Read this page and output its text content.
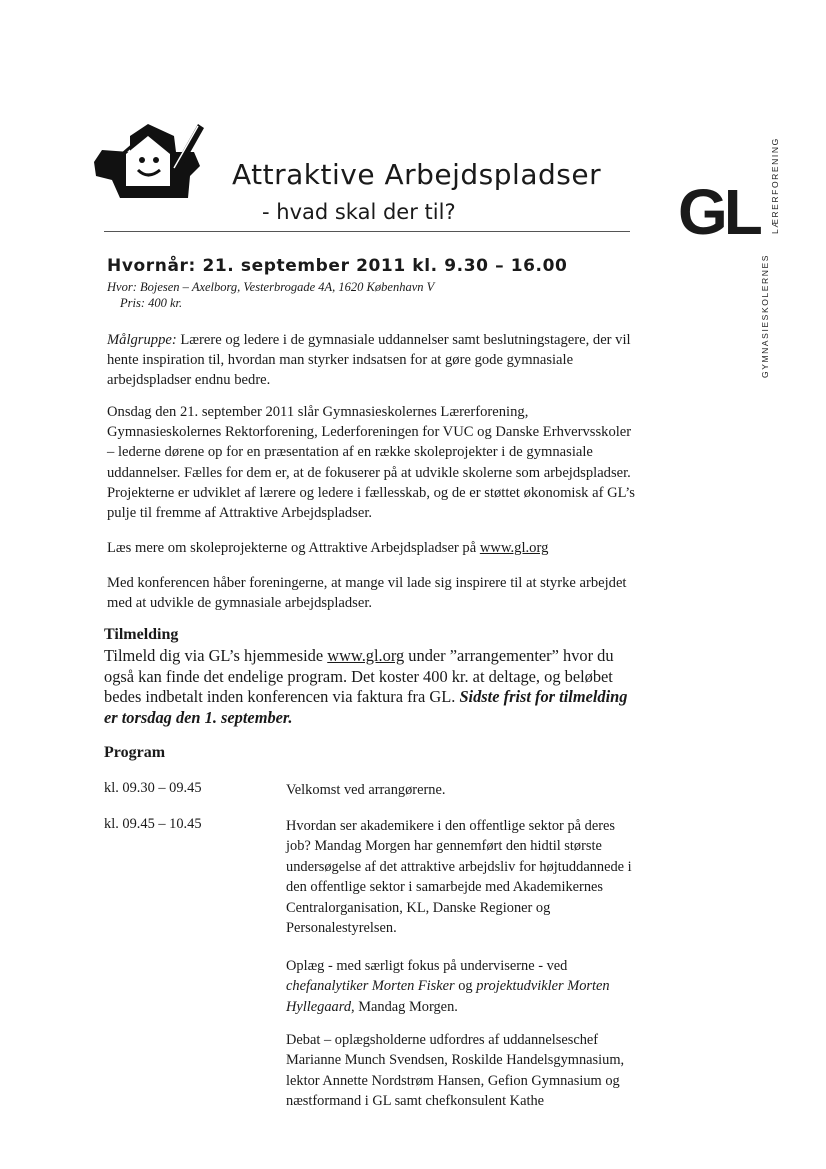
Attraktive Arbejdspladser
- hvad skal der til?	GL
GYMNASIESKOLERNES
LÆRERFORENING
Hvornår: 21. september 2011 kl. 9.30 – 16.00
Hvor: Bojesen – Axelborg, Vesterbrogade 4A, 1620 København V
Pris: 400 kr.

Målgruppe: Lærere og ledere i de gymnasiale uddannelser samt beslutningstagere, der vil hente inspiration til, hvordan man styrker indsatsen for at gøre gode gymnasiale arbejdspladser endnu bedre.

Onsdag den 21. september 2011 slår Gymnasieskolernes Lærerforening, Gymnasieskolernes Rektorforening, Lederforeningen for VUC og Danske Erhvervsskoler – lederne dørene op for en præsentation af en række skoleprojekter i de gymnasiale uddannelser. Fælles for dem er, at de fokuserer på at udvikle skolerne som arbejdspladser. Projekterne er udviklet af lærere og ledere i fællesskab, og de er støttet økonomisk af GL’s pulje til fremme af Attraktive Arbejdspladser.

Læs mere om skoleprojekterne og Attraktive Arbejdspladser på www.gl.org

Med konferencen håber foreningerne, at mange vil lade sig inspirere til at styrke arbejdet med at udvikle de gymnasiale arbejdspladser.

Tilmelding
Tilmeld dig via GL’s hjemmeside www.gl.org under ”arrangementer” hvor du også kan finde det endelige program. Det koster 400 kr. at deltage, og beløbet bedes indbetalt inden konferencen via faktura fra GL. Sidste frist for tilmelding er torsdag den 1. september.
Program
kl. 09.30 – 09.45	Velkomst ved arrangørerne.

kl. 09.45 – 10.45	Hvordan ser akademikere i den offentlige sektor på deres job? Mandag Morgen har gennemført den hidtil største undersøgelse af det attraktive arbejdsliv for højtuddannede i den offentlige sektor i samarbejde med Akademikernes Centralorganisation, KL, Danske Regioner og Personalestyrelsen.

Oplæg - med særligt fokus på underviserne - ved chefanalytiker Morten Fisker og projektudvikler Morten Hyllegaard, Mandag Morgen.

Debat – oplægsholderne udfordres af uddannelseschef Marianne Munch Svendsen, Roskilde Handelsgymnasium, lektor Annette Nordstrøm Hansen, Gefion Gymnasium og næstformand i GL samt chefkonsulent Kathe
